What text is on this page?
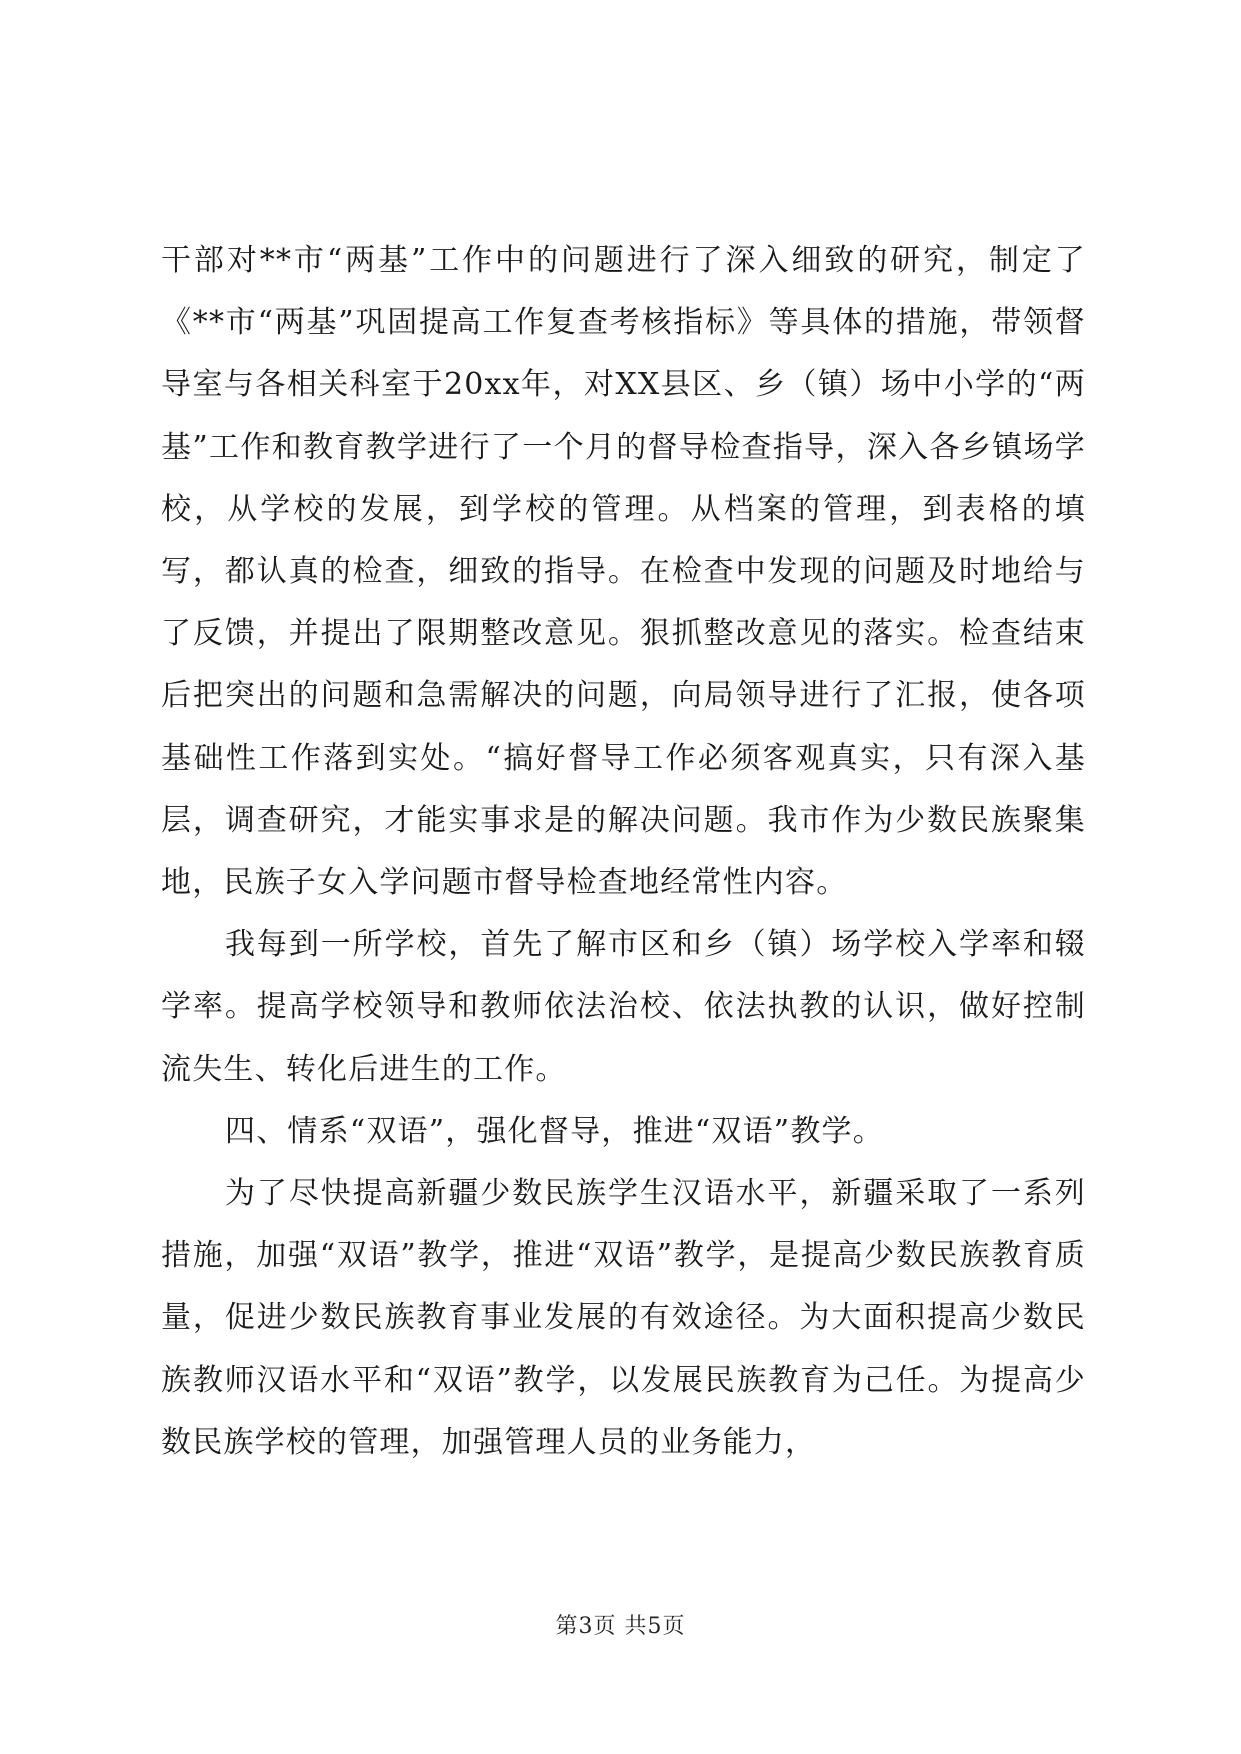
干部对**市“两基”工作中的问题进行了深入细致的研究，制定了《**市“两基”巩固提高工作复查考核指标》等具体的措施，带领督导室与各相关科室于20xx年，对XX县区、乡（镇）场中小学的“两基”工作和教育教学进行了一个月的督导检查指导，深入各乡镇场学校，从学校的发展，到学校的管理。从档案的管理，到表格的填写，都认真的检查，细致的指导。在检查中发现的问题及时地给与了反馈，并提出了限期整改意见。狠抓整改意见的落实。检查结束后把突出的问题和急需解决的问题，向局领导进行了汇报，使各项基础性工作落到实处。“搞好督导工作必须客观真实，只有深入基层，调查研究，才能实事求是的解决问题。我市作为少数民族聚集地，民族子女入学问题市督导检查地经常性内容。

我每到一所学校，首先了解市区和乡（镇）场学校入学率和辍学率。提高学校领导和教师依法治校、依法执教的认识，做好控制流失生、转化后进生的工作。

四、情系“双语”，强化督导，推进“双语”教学。

为了尽快提高新疆少数民族学生汉语水平，新疆采取了一系列措施，加强“双语”教学，推进“双语”教学，是提高少数民族教育质量，促进少数民族教育事业发展的有效途径。为大面积提高少数民族教师汉语水平和“双语”教学，以发展民族教育为己任。为提高少数民族学校的管理，加强管理人员的业务能力，

第3页 共5页
